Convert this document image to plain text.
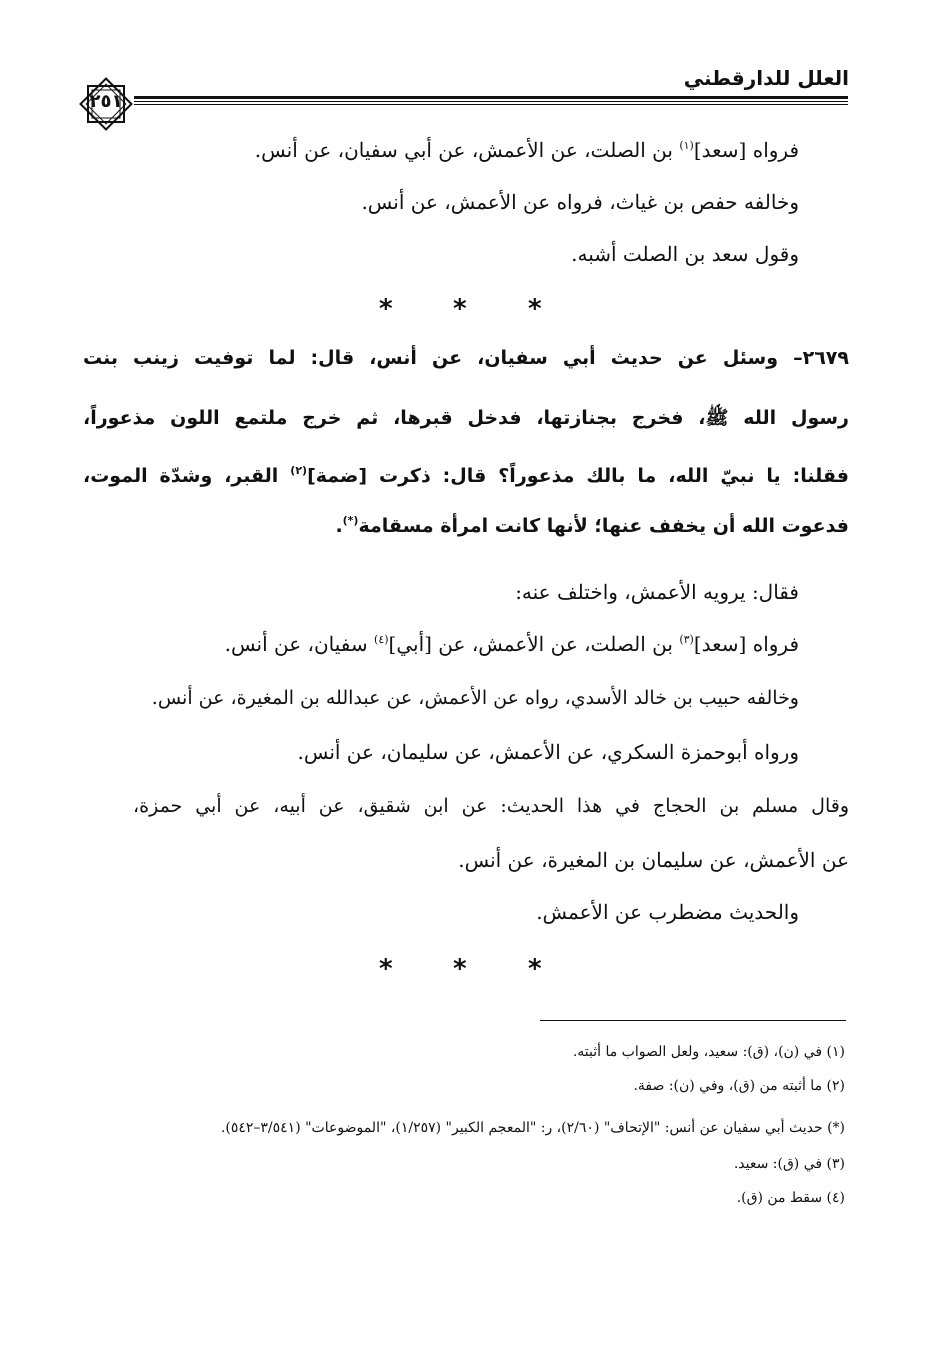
العلل للدارقطني
٢٥١
فرواه [سعد]$^{(١)}$ بن الصلت، عن الأعمش، عن أبي سفيان، عن أنس.
وخالفه حفص بن غياث، فرواه عن الأعمش، عن أنس.
وقول سعد بن الصلت أشبه.
* * *
٢٦٧٩– وسئل عن حديث أبي سفيان، عن أنس، قال: لما توفيت زينب بنت
رسول الله ﷺ، فخرج بجنازتها، فدخل قبرها، ثم خرج ملتمع اللون مذعوراً،
فقلنا: يا نبيّ الله، ما بالك مذعوراً؟ قال: ذكرت [ضمة]$^{(٢)}$ القبر، وشدّة الموت،
فدعوت الله أن يخفف عنها؛ لأنها كانت امرأة مسقامة(*).
فقال: يرويه الأعمش، واختلف عنه:
فرواه [سعد]$^{(٣)}$ بن الصلت، عن الأعمش، عن [أبي]$^{(٤)}$ سفيان، عن أنس.
وخالفه حبيب بن خالد الأسدي، رواه عن الأعمش، عن عبدالله بن المغيرة، عن أنس.
ورواه أبوحمزة السكري، عن الأعمش، عن سليمان، عن أنس.
وقال مسلم بن الحجاج في هذا الحديث: عن ابن شقيق، عن أبيه، عن أبي حمزة،
عن الأعمش، عن سليمان بن المغيرة، عن أنس.
والحديث مضطرب عن الأعمش.
* * *
(١) في (ن)، (ق): سعيد، ولعل الصواب ما أثبته.
(٢) ما أثبته من (ق)، وفي (ن): صفة.
(*) حديث أبي سفيان عن أنس: "الإتحاف" (٢/٦٠)، ر: "المعجم الكبير" (١/٢٥٧)، "الموضوعات" (٣/٥٤١–٥٤٢).
(٣) في (ق): سعيد.
(٤) سقط من (ق).
